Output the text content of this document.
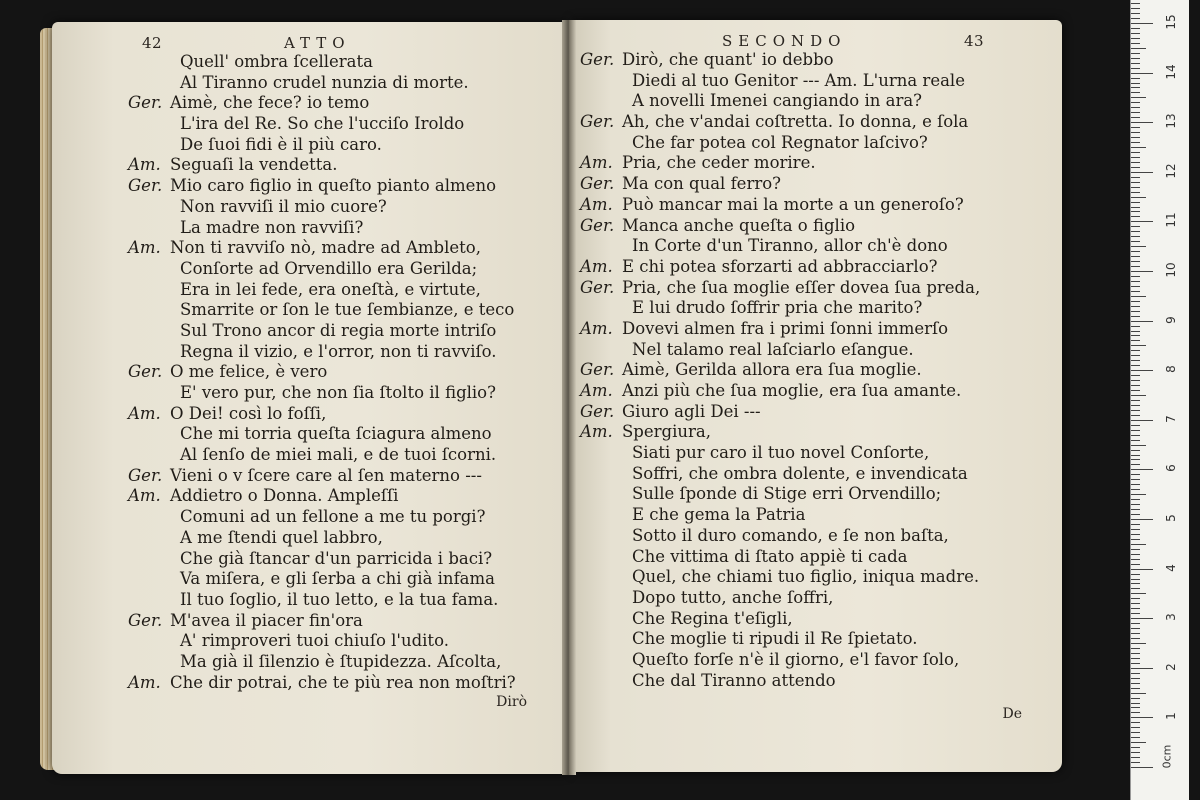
42	ATTO
Quell' ombra ſcellerata
Al Tiranno crudel nunzia di morte.
Ger. Aimè, che fece? io temo
L'ira del Re. So che l'ucciſo Iroldo
De ſuoi fidi è il più caro.
Am. Seguaſi la vendetta.
Ger. Mio caro figlio in queſto pianto almeno
Non ravviſi il mio cuore?
La madre non ravviſi?
Am. Non ti ravviſo nò, madre ad Ambleto,
Conſorte ad Orvendillo era Gerilda;
Era in lei fede, era oneſtà, e virtute,
Smarrite or ſon le tue ſembianze, e teco
Sul Trono ancor di regia morte intriſo
Regna il vizio, e l'orror, non ti ravviſo.
Ger. O me felice, è vero
E' vero pur, che non ſia ſtolto il figlio?
Am. O Dei! così lo foſſi,
Che mi torria queſta ſciagura almeno
Al ſenſo de miei mali, e de tuoi ſcorni.
Ger. Vieni o v ſcere care al ſen materno ---
Am. Addietro o Donna. Ampleſſi
Comuni ad un fellone a me tu porgi?
A me ſtendi quel labbro,
Che già ſtancar d'un parricida i baci?
Va miſera, e gli ſerba a chi già infama
Il tuo ſoglio, il tuo letto, e la tua fama.
Ger. M'avea il piacer fin'ora
A' rimproveri tuoi chiuſo l'udito.
Ma già il ſilenzio è ſtupidezza. Aſcolta,
Am. Che dir potrai, che te più rea non moſtri?
Dirò
SECONDO	43
Ger. Dirò, che quant' io debbo
Diedi al tuo Genitor --- Am. L'urna reale
A novelli Imenei cangiando in ara?
Ger. Ah, che v'andai coſtretta. Io donna, e ſola
Che far potea col Regnator laſcivo?
Am. Pria, che ceder morire.
Ger. Ma con qual ferro?
Am. Può mancar mai la morte a un generoſo?
Ger. Manca anche queſta o figlio
In Corte d'un Tiranno, allor ch'è dono
Am. E chi potea sforzarti ad abbracciarlo?
Ger. Pria, che ſua moglie eſſer dovea ſua preda,
E lui drudo ſoffrir pria che marito?
Am. Dovevi almen fra i primi ſonni immerſo
Nel talamo real laſciarlo eſangue.
Ger. Aimè, Gerilda allora era ſua moglie.
Am. Anzi più che ſua moglie, era ſua amante.
Ger. Giuro agli Dei ---
Am. Spergiura,
Siati pur caro il tuo novel Conſorte,
Soffri, che ombra dolente, e invendicata
Sulle ſponde di Stige erri Orvendillo;
E che gema la Patria
Sotto il duro comando, e ſe non baſta,
Che vittima di ſtato appiè ti cada
Quel, che chiami tuo figlio, iniqua madre.
Dopo tutto, anche ſoffri,
Che Regina t'eſigli,
Che moglie ti ripudi il Re ſpietato.
Queſto forſe n'è il giorno, e'l favor ſolo,
Che dal Tiranno attendo
De
0cm
1
2
3
4
5
6
7
8
9
10
11
12
13
14
15
